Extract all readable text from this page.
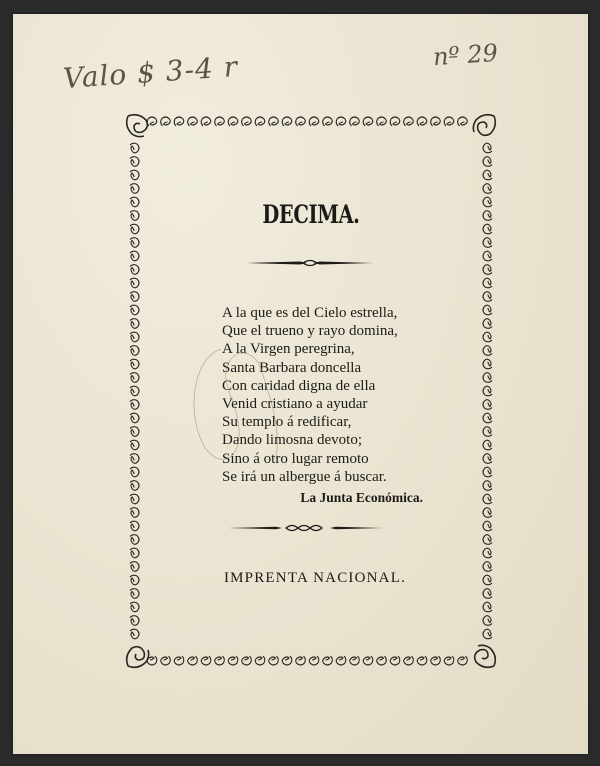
Valo $ 3-4 r	nº 29
DECIMA.
A la que es del Cielo estrella,
Que el trueno y rayo domina,
A la Virgen peregrina,
Santa Barbara doncella
Con caridad digna de ella
Venid cristiano a ayudar
Su templo á redificar,
Dando limosna devoto;
Sino á otro lugar remoto
Se irá un albergue á buscar.
La Junta Económica.
IMPRENTA NACIONAL.
